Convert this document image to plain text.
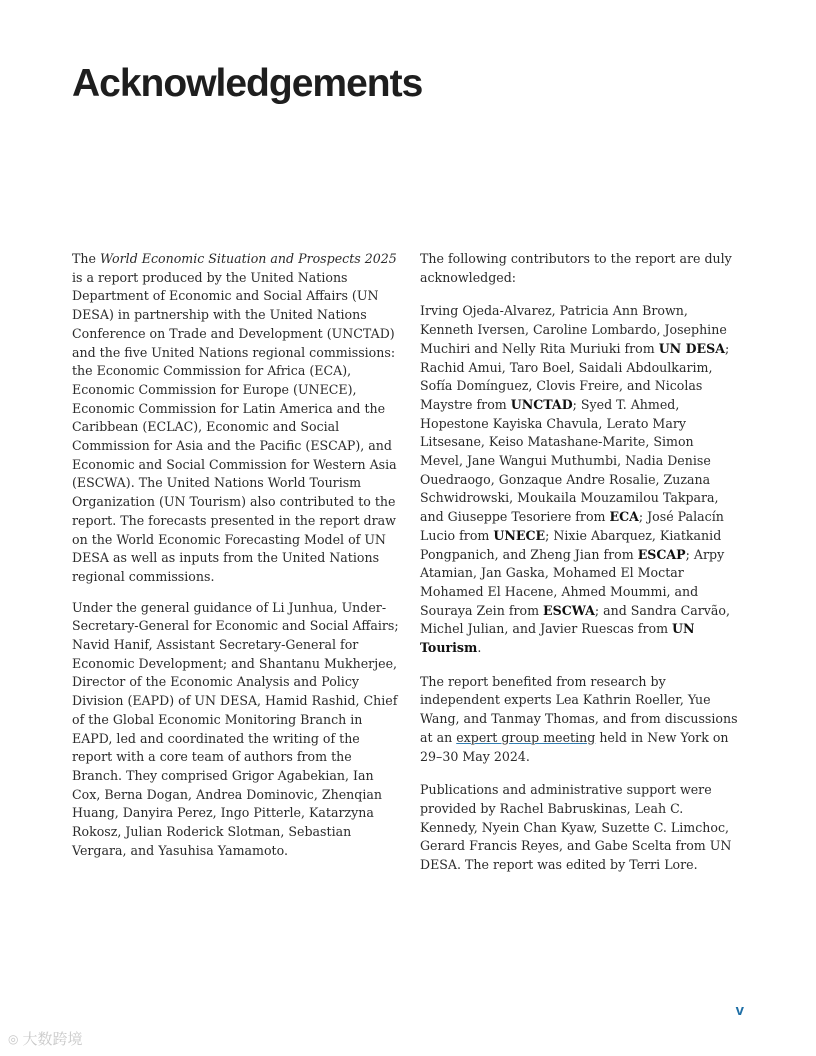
Acknowledgements

The World Economic Situation and Prospects 2025 is a report produced by the United Nations Department of Economic and Social Affairs (UN DESA) in partnership with the United Nations Conference on Trade and Development (UNCTAD) and the five United Nations regional commissions: the Economic Commission for Africa (ECA), Economic Commission for Europe (UNECE), Economic Commission for Latin America and the Caribbean (ECLAC), Economic and Social Commission for Asia and the Pacific (ESCAP), and Economic and Social Commission for Western Asia (ESCWA). The United Nations World Tourism Organization (UN Tourism) also contributed to the report. The forecasts presented in the report draw on the World Economic Forecasting Model of UN DESA as well as inputs from the United Nations regional commissions.

Under the general guidance of Li Junhua, Under-Secretary-General for Economic and Social Affairs; Navid Hanif, Assistant Secretary-General for Economic Development; and Shantanu Mukherjee, Director of the Economic Analysis and Policy Division (EAPD) of UN DESA, Hamid Rashid, Chief of the Global Economic Monitoring Branch in EAPD, led and coordinated the writing of the report with a core team of authors from the Branch. They comprised Grigor Agabekian, Ian Cox, Berna Dogan, Andrea Dominovic, Zhenqian Huang, Danyira Perez, Ingo Pitterle, Katarzyna Rokosz, Julian Roderick Slotman, Sebastian Vergara, and Yasuhisa Yamamoto.

The following contributors to the report are duly acknowledged:

Irving Ojeda-Alvarez, Patricia Ann Brown, Kenneth Iversen, Caroline Lombardo, Josephine Muchiri and Nelly Rita Muriuki from UN DESA; Rachid Amui, Taro Boel, Saidali Abdoulkarim, Sofía Domínguez, Clovis Freire, and Nicolas Maystre from UNCTAD; Syed T. Ahmed, Hopestone Kayiska Chavula, Lerato Mary Litsesane, Keiso Matashane-Marite, Simon Mevel, Jane Wangui Muthumbi, Nadia Denise Ouedraogo, Gonzaque Andre Rosalie, Zuzana Schwidrowski, Moukaila Mouzamilou Takpara, and Giuseppe Tesoriere from ECA; José Palacín Lucio from UNECE; Nixie Abarquez, Kiatkanid Pongpanich, and Zheng Jian from ESCAP; Arpy Atamian, Jan Gaska, Mohamed El Moctar Mohamed El Hacene, Ahmed Moummi, and Souraya Zein from ESCWA; and Sandra Carvão, Michel Julian, and Javier Ruescas from UN Tourism.

The report benefited from research by independent experts Lea Kathrin Roeller, Yue Wang, and Tanmay Thomas, and from discussions at an expert group meeting held in New York on 29–30 May 2024.

Publications and administrative support were provided by Rachel Babruskinas, Leah C. Kennedy, Nyein Chan Kyaw, Suzette C. Limchoc, Gerard Francis Reyes, and Gabe Scelta from UN DESA. The report was edited by Terri Lore.

v
◎ 大数跨境
